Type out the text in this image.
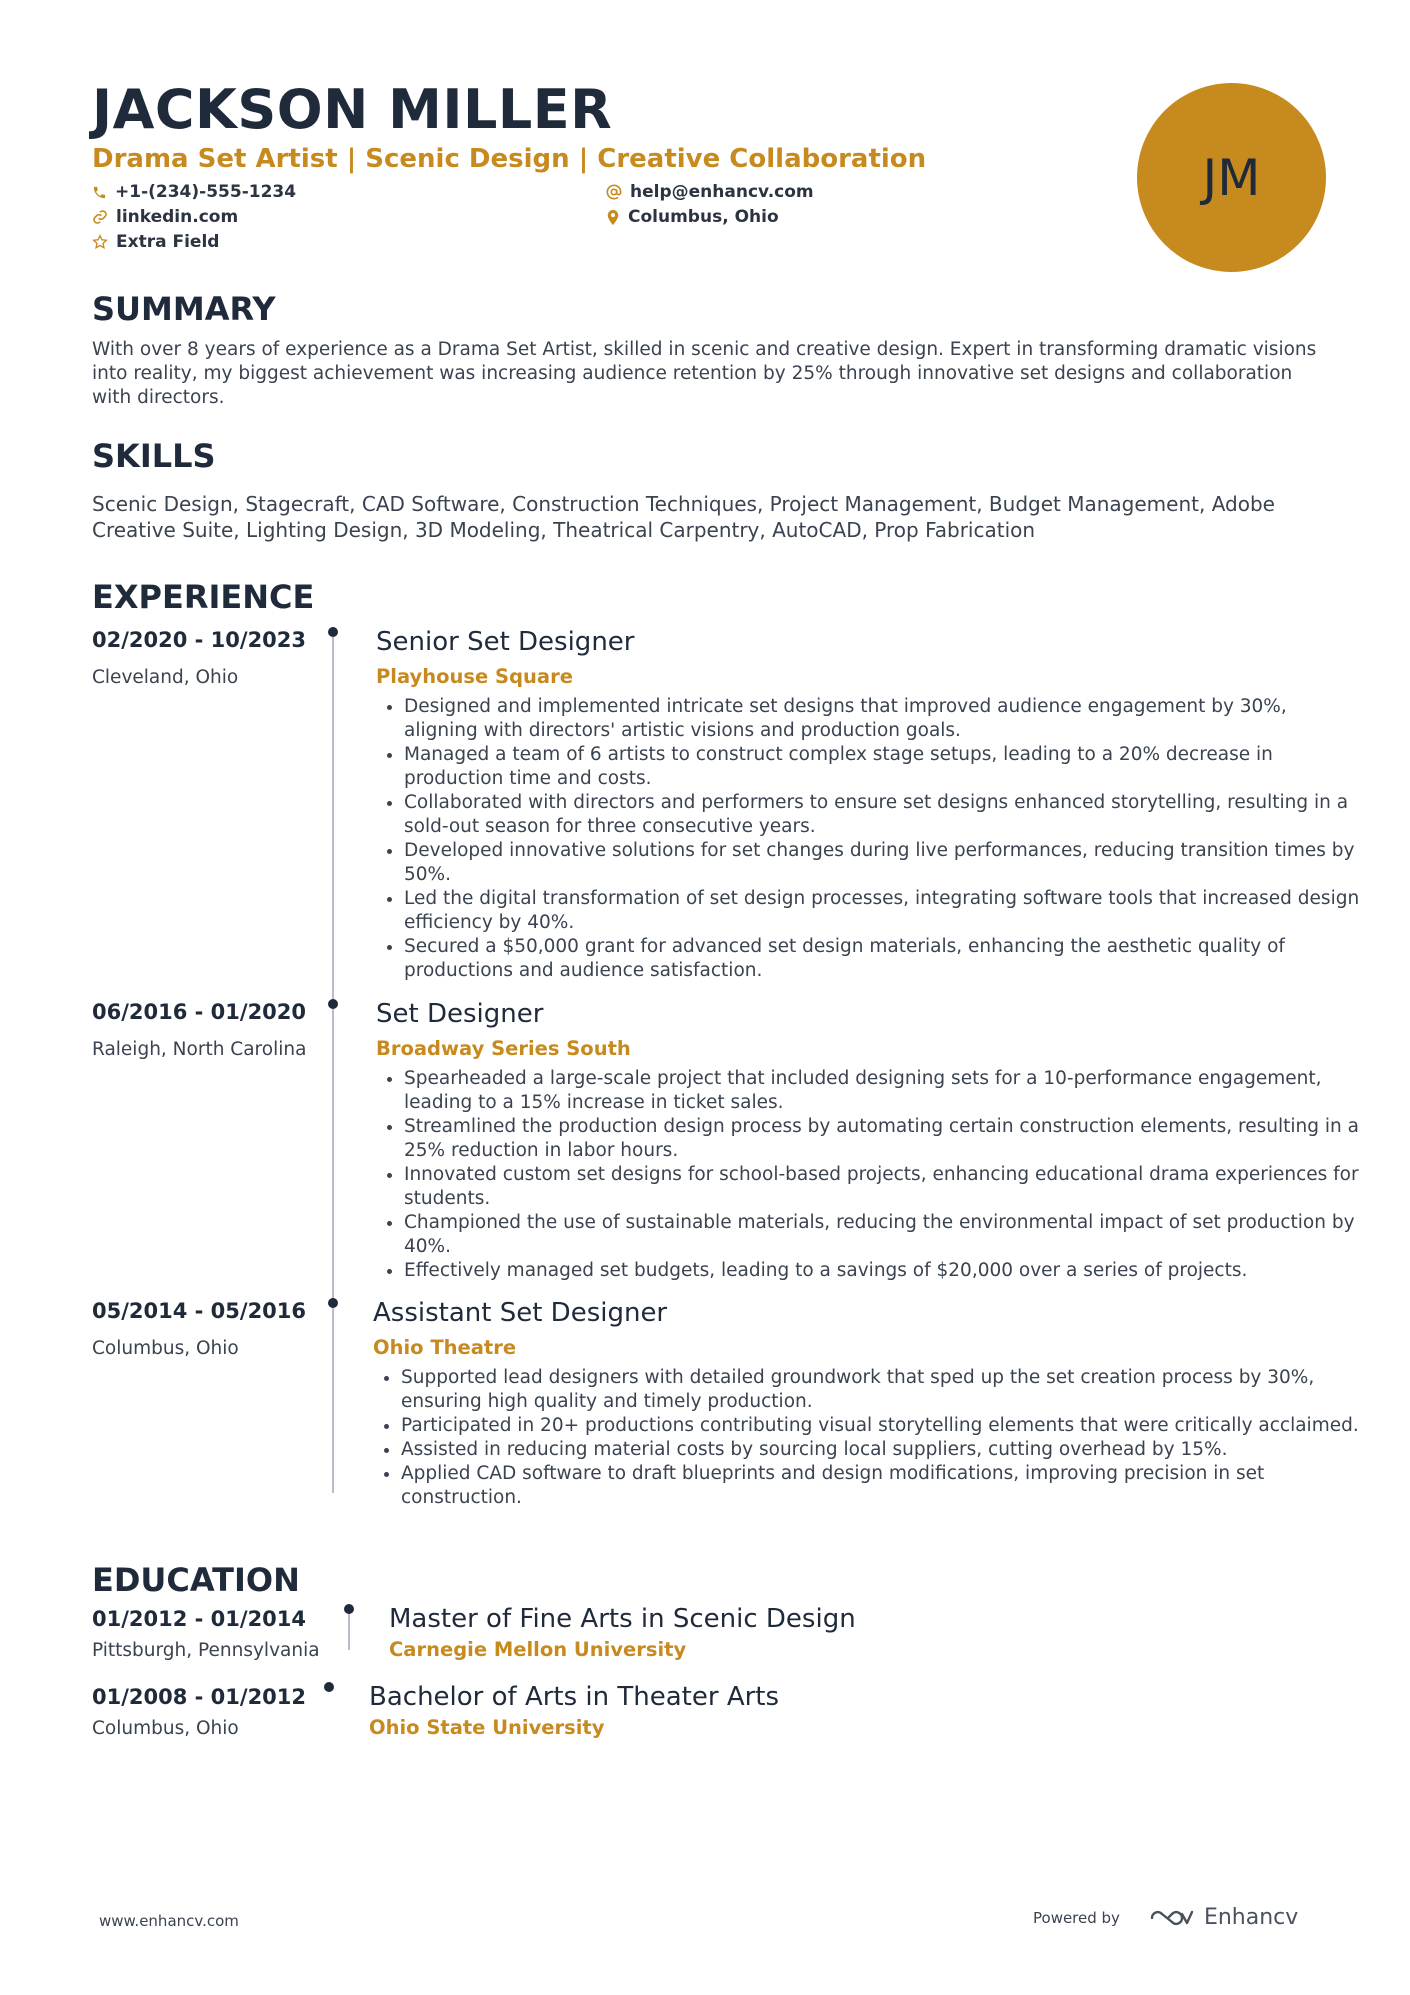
JACKSON MILLER
Drama Set Artist | Scenic Design | Creative Collaboration
+1-(234)-555-1234	help@enhancv.com
linkedin.com	Columbus, Ohio
Extra Field
JM
SUMMARY
With over 8 years of experience as a Drama Set Artist, skilled in scenic and creative design. Expert in transforming dramatic visions into reality, my biggest achievement was increasing audience retention by 25% through innovative set designs and collaboration with directors.
SKILLS
Scenic Design, Stagecraft, CAD Software, Construction Techniques, Project Management, Budget Management, Adobe Creative Suite, Lighting Design, 3D Modeling, Theatrical Carpentry, AutoCAD, Prop Fabrication
EXPERIENCE
02/2020 - 10/2023
Cleveland, Ohio
Senior Set Designer
Playhouse Square
• Designed and implemented intricate set designs that improved audience engagement by 30%, aligning with directors' artistic visions and production goals.
• Managed a team of 6 artists to construct complex stage setups, leading to a 20% decrease in production time and costs.
• Collaborated with directors and performers to ensure set designs enhanced storytelling, resulting in a sold-out season for three consecutive years.
• Developed innovative solutions for set changes during live performances, reducing transition times by 50%.
• Led the digital transformation of set design processes, integrating software tools that increased design efficiency by 40%.
• Secured a $50,000 grant for advanced set design materials, enhancing the aesthetic quality of productions and audience satisfaction.
06/2016 - 01/2020
Raleigh, North Carolina
Set Designer
Broadway Series South
• Spearheaded a large-scale project that included designing sets for a 10-performance engagement, leading to a 15% increase in ticket sales.
• Streamlined the production design process by automating certain construction elements, resulting in a 25% reduction in labor hours.
• Innovated custom set designs for school-based projects, enhancing educational drama experiences for students.
• Championed the use of sustainable materials, reducing the environmental impact of set production by 40%.
• Effectively managed set budgets, leading to a savings of $20,000 over a series of projects.
05/2014 - 05/2016
Columbus, Ohio
Assistant Set Designer
Ohio Theatre
• Supported lead designers with detailed groundwork that sped up the set creation process by 30%, ensuring high quality and timely production.
• Participated in 20+ productions contributing visual storytelling elements that were critically acclaimed.
• Assisted in reducing material costs by sourcing local suppliers, cutting overhead by 15%.
• Applied CAD software to draft blueprints and design modifications, improving precision in set construction.
EDUCATION
01/2012 - 01/2014
Pittsburgh, Pennsylvania
Master of Fine Arts in Scenic Design
Carnegie Mellon University
01/2008 - 01/2012
Columbus, Ohio
Bachelor of Arts in Theater Arts
Ohio State University
www.enhancv.com	Powered by	Enhancv
